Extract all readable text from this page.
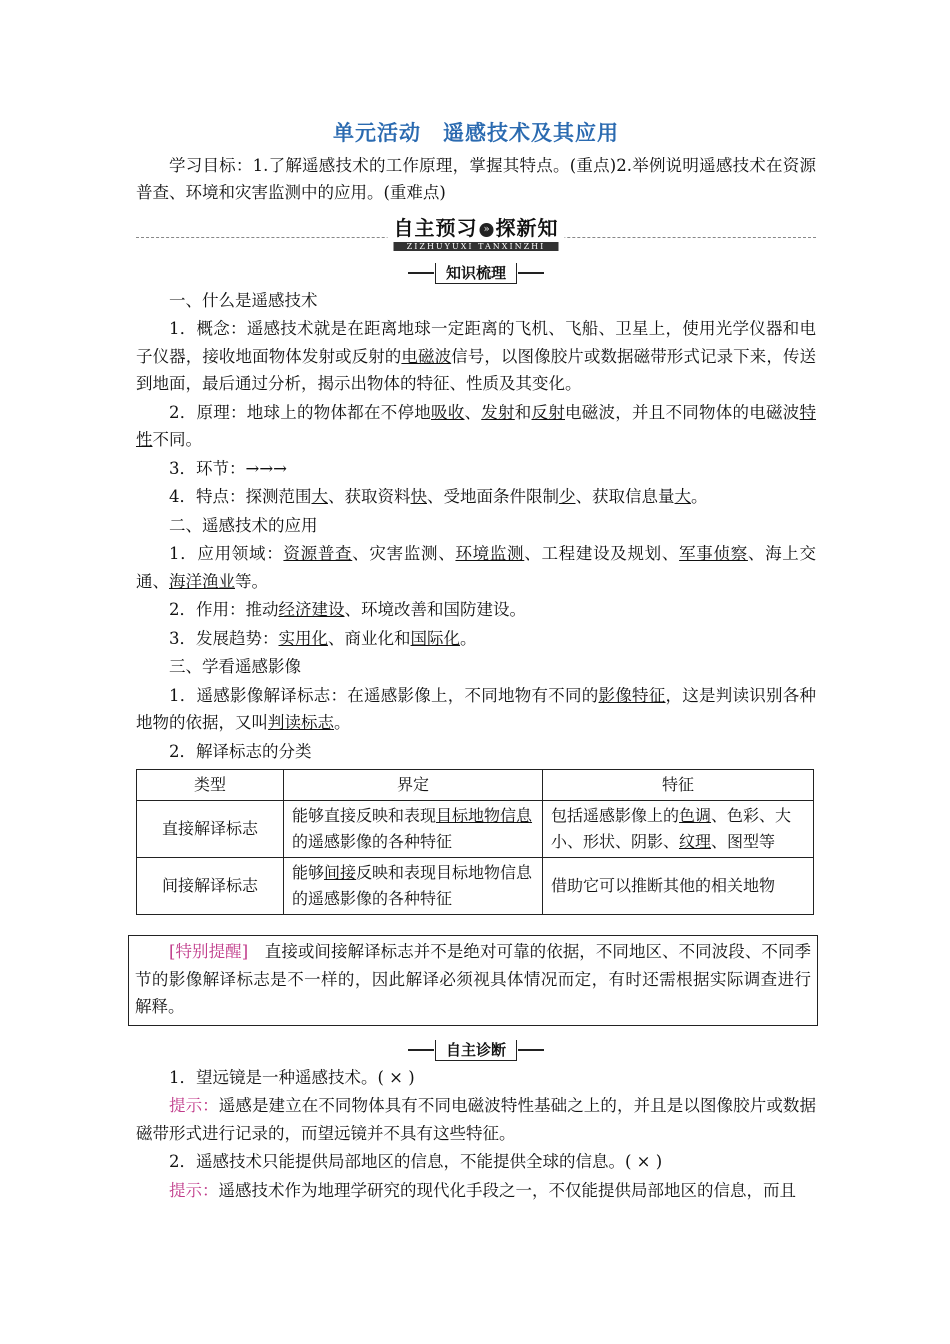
单元活动　遥感技术及其应用
学习目标：1.了解遥感技术的工作原理，掌握其特点。(重点)2.举例说明遥感技术在资源普查、环境和灾害监测中的应用。(重难点)
自主预习 » 探新知
ZIZHUYUXI TANXINZHI
知识梳理
一、什么是遥感技术
1．概念：遥感技术就是在距离地球一定距离的飞机、飞船、卫星上，使用光学仪器和电子仪器，接收地面物体发射或反射的电磁波信号，以图像胶片或数据磁带形式记录下来，传送到地面，最后通过分析，揭示出物体的特征、性质及其变化。
2．原理：地球上的物体都在不停地吸收、发射和反射电磁波，并且不同物体的电磁波特性不同。
3．环节：→→→
4．特点：探测范围大、获取资料快、受地面条件限制少、获取信息量大。
二、遥感技术的应用
1．应用领域：资源普查、灾害监测、环境监测、工程建设及规划、军事侦察、海上交通、海洋渔业等。
2．作用：推动经济建设、环境改善和国防建设。
3．发展趋势：实用化、商业化和国际化。
三、学看遥感影像
1．遥感影像解译标志：在遥感影像上，不同地物有不同的影像特征，这是判读识别各种地物的依据，又叫判读标志。
2．解译标志的分类
类型	界定	特征
直接解译标志	能够直接反映和表现目标地物信息的遥感影像的各种特征	包括遥感影像上的色调、色彩、大小、形状、阴影、纹理、图型等
间接解译标志	能够间接反映和表现目标地物信息的遥感影像的各种特征	借助它可以推断其他的相关地物
[特别提醒]　直接或间接解译标志并不是绝对可靠的依据，不同地区、不同波段、不同季节的影像解译标志是不一样的，因此解译必须视具体情况而定，有时还需根据实际调查进行解释。
自主诊断
1．望远镜是一种遥感技术。( × )
提示：遥感是建立在不同物体具有不同电磁波特性基础之上的，并且是以图像胶片或数据磁带形式进行记录的，而望远镜并不具有这些特征。
2．遥感技术只能提供局部地区的信息，不能提供全球的信息。( × )
提示：遥感技术作为地理学研究的现代化手段之一，不仅能提供局部地区的信息，而且
